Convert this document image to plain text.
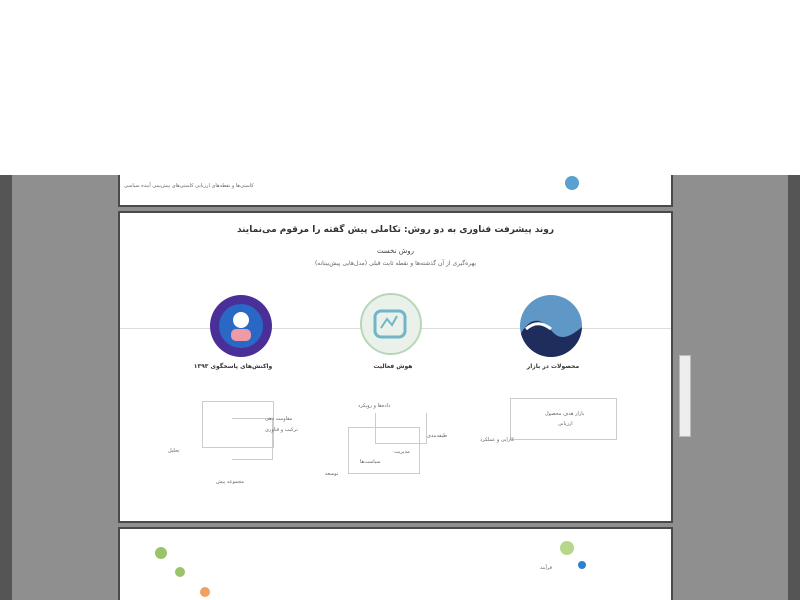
کاستی‌ها و نقطه‌های ارزیابی کاستی‌های پیش‌بینی آینده سیاسی
روند پیشرفت فناوری به دو روش: تکاملی پیش گفته را مرقوم می‌نمایند
روش نخست
بهره‌گیری از آن گذشته‌ها و نقطه ثابت قبلی (مدل‌هایی پیش‌بینانه)
محصولات در بازار
هوش فعالیت
واکنش‌های پاسخگوی ۱۳۹۳
مقاومت دهی
ترکیب و فناوری
تحلیل
مجموعه پیش
داده‌ها و رویکرد
طبقه‌بندی
مدیریت
سیاست‌ها
توسعه
بازار هدف محصول
ارزیابی
کارایی و عملکرد
فرآیند
